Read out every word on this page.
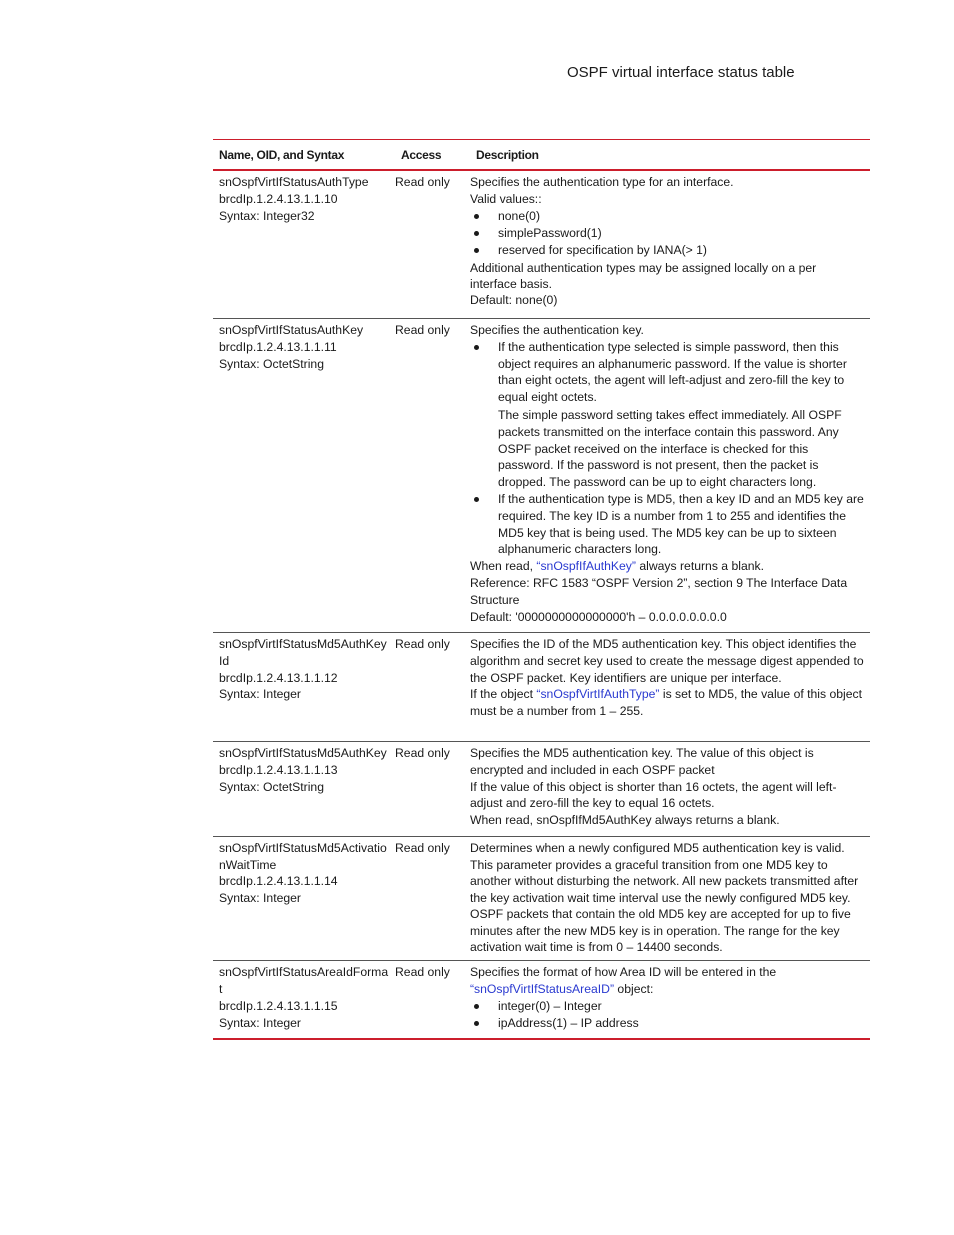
OSPF virtual interface status table
Name, OID, and Syntax	Access	Description
snOspfVirtIfStatusAuthType
brcdIp.1.2.4.13.1.1.10
Syntax: Integer32
Read only	Specifies the authentication type for an interface.
Valid values::
none(0)
simplePassword(1)
reserved for specification by IANA(> 1)
Additional authentication types may be assigned locally on a per interface basis.
Default: none(0)
snOspfVirtIfStatusAuthKey
brcdIp.1.2.4.13.1.1.11
Syntax: OctetString
Read only	Specifies the authentication key.
If the authentication type selected is simple password, then this object requires an alphanumeric password. If the value is shorter than eight octets, the agent will left-adjust and zero-fill the key to equal eight octets.
The simple password setting takes effect immediately. All OSPF packets transmitted on the interface contain this password. Any OSPF packet received on the interface is checked for this password. If the password is not present, then the packet is dropped. The password can be up to eight characters long.
If the authentication type is MD5, then a key ID and an MD5 key are required. The key ID is a number from 1 to 255 and identifies the MD5 key that is being used. The MD5 key can be up to sixteen alphanumeric characters long.
When read, “snOspfIfAuthKey” always returns a blank.
Reference: RFC 1583 “OSPF Version 2”, section 9 The Interface Data Structure
Default: '0000000000000000'h – 0.0.0.0.0.0.0.0
snOspfVirtIfStatusMd5AuthKeyId
brcdIp.1.2.4.13.1.1.12
Syntax: Integer
Read only	Specifies the ID of the MD5 authentication key. This object identifies the algorithm and secret key used to create the message digest appended to the OSPF packet. Key identifiers are unique per interface.
If the object “snOspfVirtIfAuthType” is set to MD5, the value of this object must be a number from 1 – 255.
snOspfVirtIfStatusMd5AuthKey
brcdIp.1.2.4.13.1.1.13
Syntax: OctetString
Read only	Specifies the MD5 authentication key. The value of this object is encrypted and included in each OSPF packet
If the value of this object is shorter than 16 octets, the agent will left-adjust and zero-fill the key to equal 16 octets.
When read, snOspfIfMd5AuthKey always returns a blank.
snOspfVirtIfStatusMd5ActivationWaitTime
brcdIp.1.2.4.13.1.1.14
Syntax: Integer
Read only	Determines when a newly configured MD5 authentication key is valid. This parameter provides a graceful transition from one MD5 key to another without disturbing the network. All new packets transmitted after the key activation wait time interval use the newly configured MD5 key. OSPF packets that contain the old MD5 key are accepted for up to five minutes after the new MD5 key is in operation. The range for the key activation wait time is from 0 – 14400 seconds.
snOspfVirtIfStatusAreaIdFormat
brcdIp.1.2.4.13.1.1.15
Syntax: Integer
Read only	Specifies the format of how Area ID will be entered in the “snOspfVirtIfStatusAreaID” object:
integer(0) – Integer
ipAddress(1) – IP address
